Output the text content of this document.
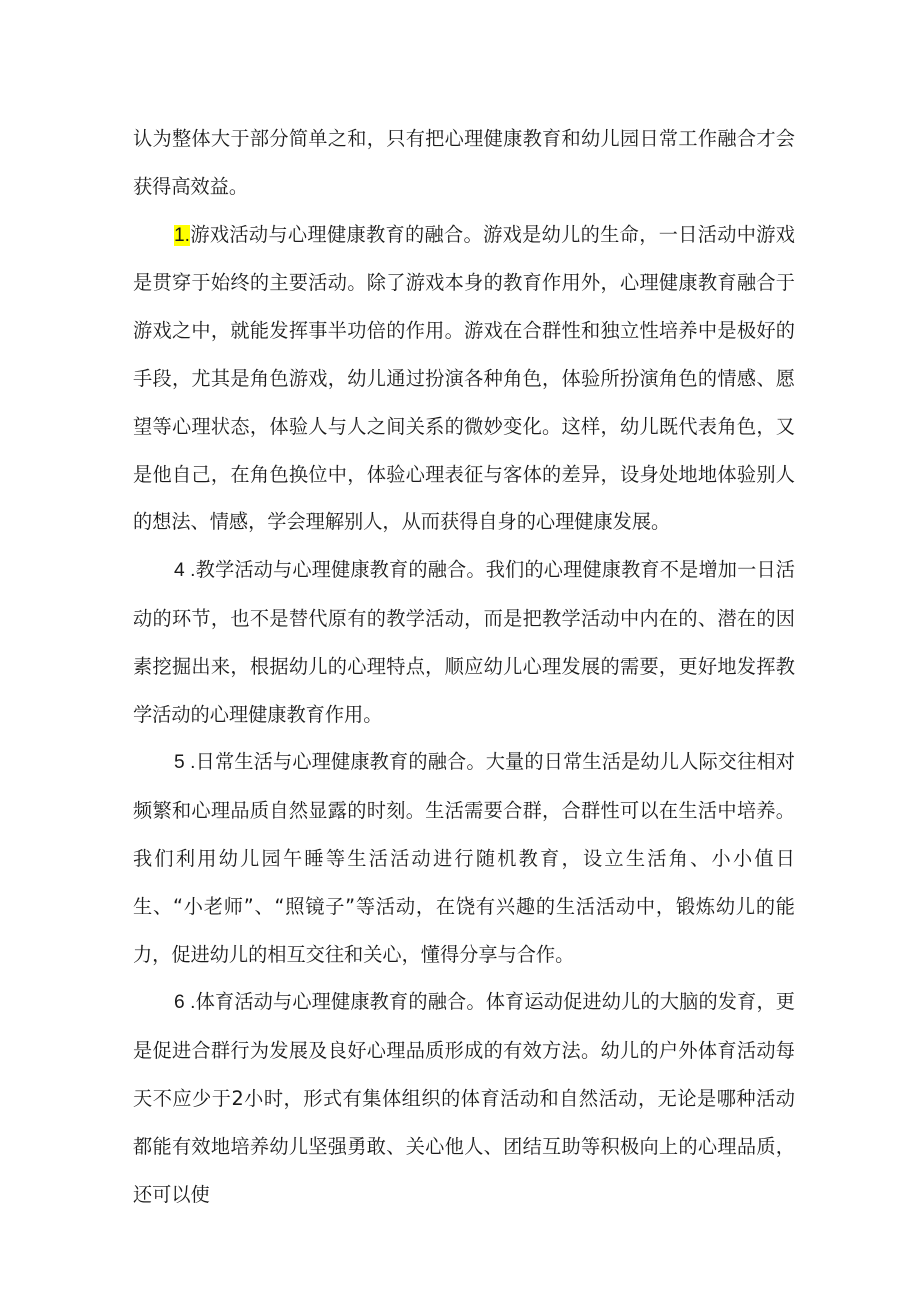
认为整体大于部分简单之和，只有把心理健康教育和幼儿园日常工作融合才会获得高效益。

1.游戏活动与心理健康教育的融合。游戏是幼儿的生命，一日活动中游戏是贯穿于始终的主要活动。除了游戏本身的教育作用外，心理健康教育融合于游戏之中，就能发挥事半功倍的作用。游戏在合群性和独立性培养中是极好的手段，尤其是角色游戏，幼儿通过扮演各种角色，体验所扮演角色的情感、愿望等心理状态，体验人与人之间关系的微妙变化。这样，幼儿既代表角色，又是他自己，在角色换位中，体验心理表征与客体的差异，设身处地地体验别人的想法、情感，学会理解别人，从而获得自身的心理健康发展。

4 .教学活动与心理健康教育的融合。我们的心理健康教育不是增加一日活动的环节，也不是替代原有的教学活动，而是把教学活动中内在的、潜在的因素挖掘出来，根据幼儿的心理特点，顺应幼儿心理发展的需要，更好地发挥教学活动的心理健康教育作用。

5 .日常生活与心理健康教育的融合。大量的日常生活是幼儿人际交往相对频繁和心理品质自然显露的时刻。生活需要合群，合群性可以在生活中培养。我们利用幼儿园午睡等生活活动进行随机教育，设立生活角、小小值日生、“小老师”、“照镜子”等活动，在饶有兴趣的生活活动中，锻炼幼儿的能力，促进幼儿的相互交往和关心，懂得分享与合作。

6 .体育活动与心理健康教育的融合。体育运动促进幼儿的大脑的发育，更是促进合群行为发展及良好心理品质形成的有效方法。幼儿的户外体育活动每天不应少于2小时，形式有集体组织的体育活动和自然活动，无论是哪种活动都能有效地培养幼儿坚强勇敢、关心他人、团结互助等积极向上的心理品质，还可以使
